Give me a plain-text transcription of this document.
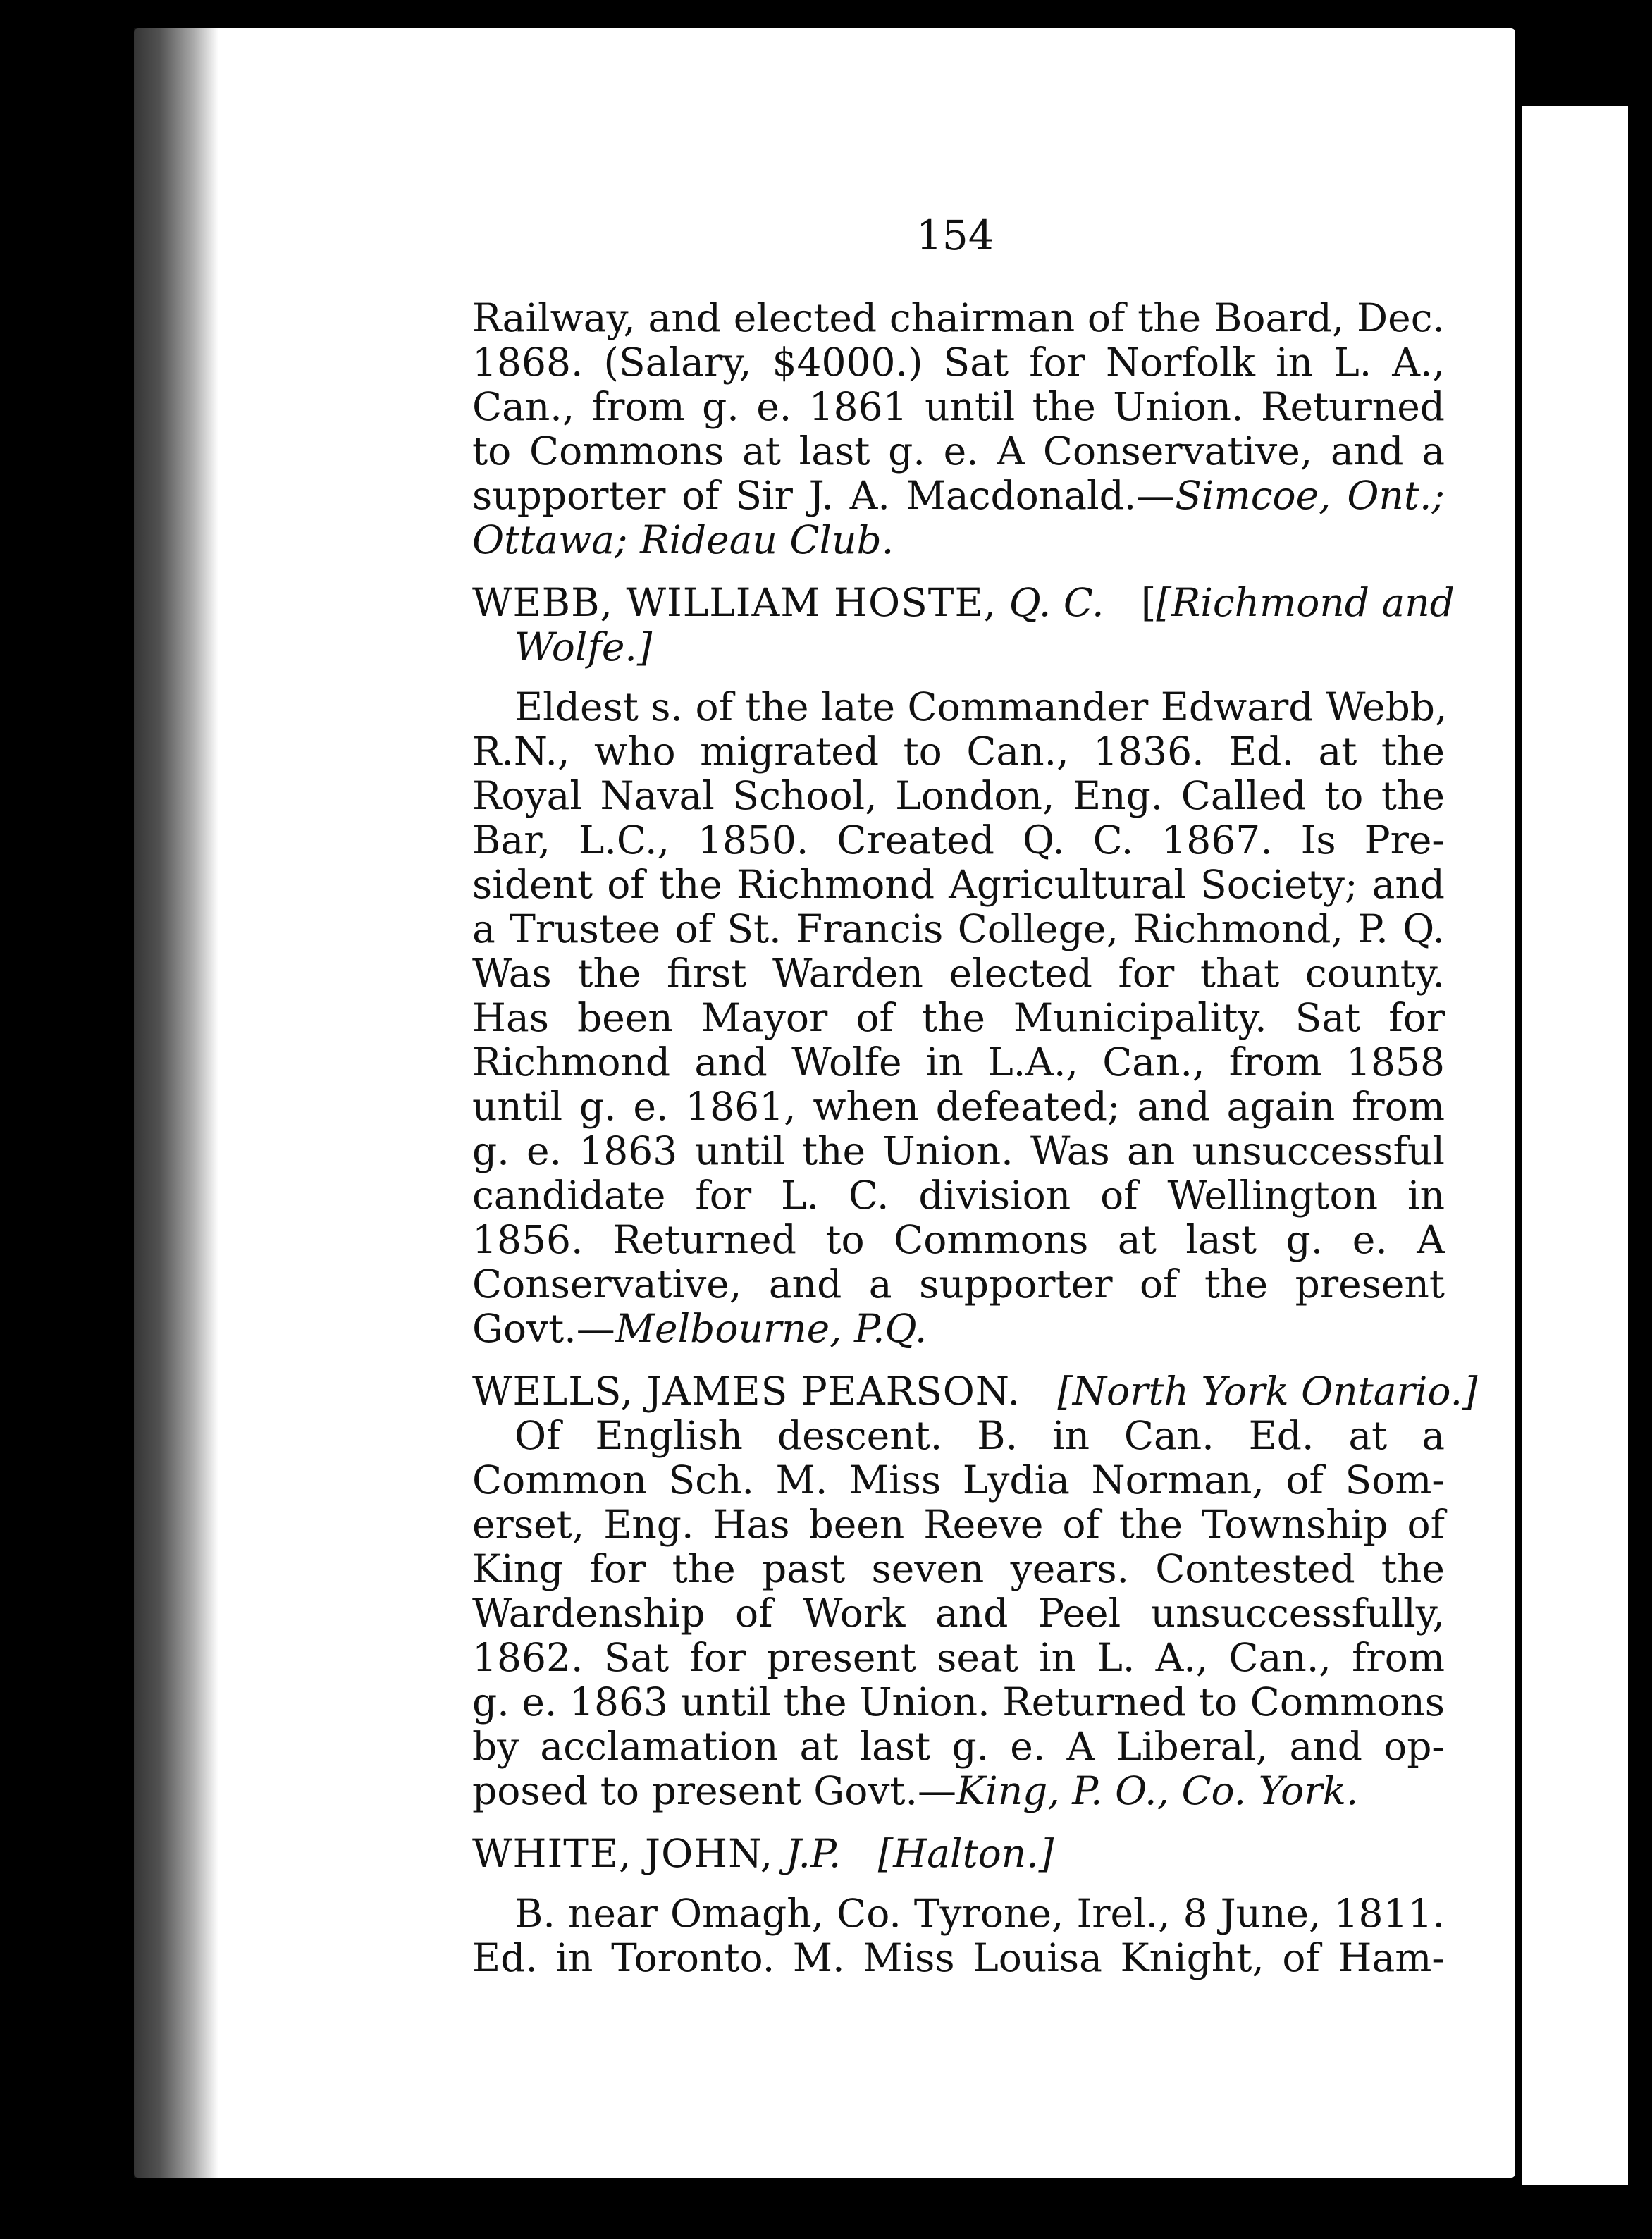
154
Railway, and elected chairman of the Board, Dec.
1868. (Salary, $4000.) Sat for Norfolk in L. A.,
Can., from g. e. 1861 until the Union. Returned
to Commons at last g. e. A Conservative, and a
supporter of Sir J. A. Macdonald.—Simcoe, Ont.;
Ottawa; Rideau Club.
WEBB, WILLIAM HOSTE, Q. C.   [[Richmond and
Wolfe.]
Eldest s. of the late Commander Edward Webb,
R.N., who migrated to Can., 1836. Ed. at the
Royal Naval School, London, Eng. Called to the
Bar, L.C., 1850. Created Q. C. 1867. Is Pre-
sident of the Richmond Agricultural Society; and
a Trustee of St. Francis College, Richmond, P. Q.
Was the first Warden elected for that county.
Has been Mayor of the Municipality. Sat for
Richmond and Wolfe in L.A., Can., from 1858
until g. e. 1861, when defeated; and again from
g. e. 1863 until the Union. Was an unsuccessful
candidate for L. C. division of Wellington in
1856. Returned to Commons at last g. e. A
Conservative, and a supporter of the present
Govt.—Melbourne, P.Q.
WELLS, JAMES PEARSON. [North York Ontario.]
Of English descent. B. in Can. Ed. at a
Common Sch. M. Miss Lydia Norman, of Som-
erset, Eng. Has been Reeve of the Township of
King for the past seven years. Contested the
Wardenship of Work and Peel unsuccessfully,
1862. Sat for present seat in L. A., Can., from
g. e. 1863 until the Union. Returned to Commons
by acclamation at last g. e. A Liberal, and op-
posed to present Govt.—King, P. O., Co. York.
WHITE, JOHN, J.P. [Halton.]
B. near Omagh, Co. Tyrone, Irel., 8 June, 1811.
Ed. in Toronto. M. Miss Louisa Knight, of Ham-
